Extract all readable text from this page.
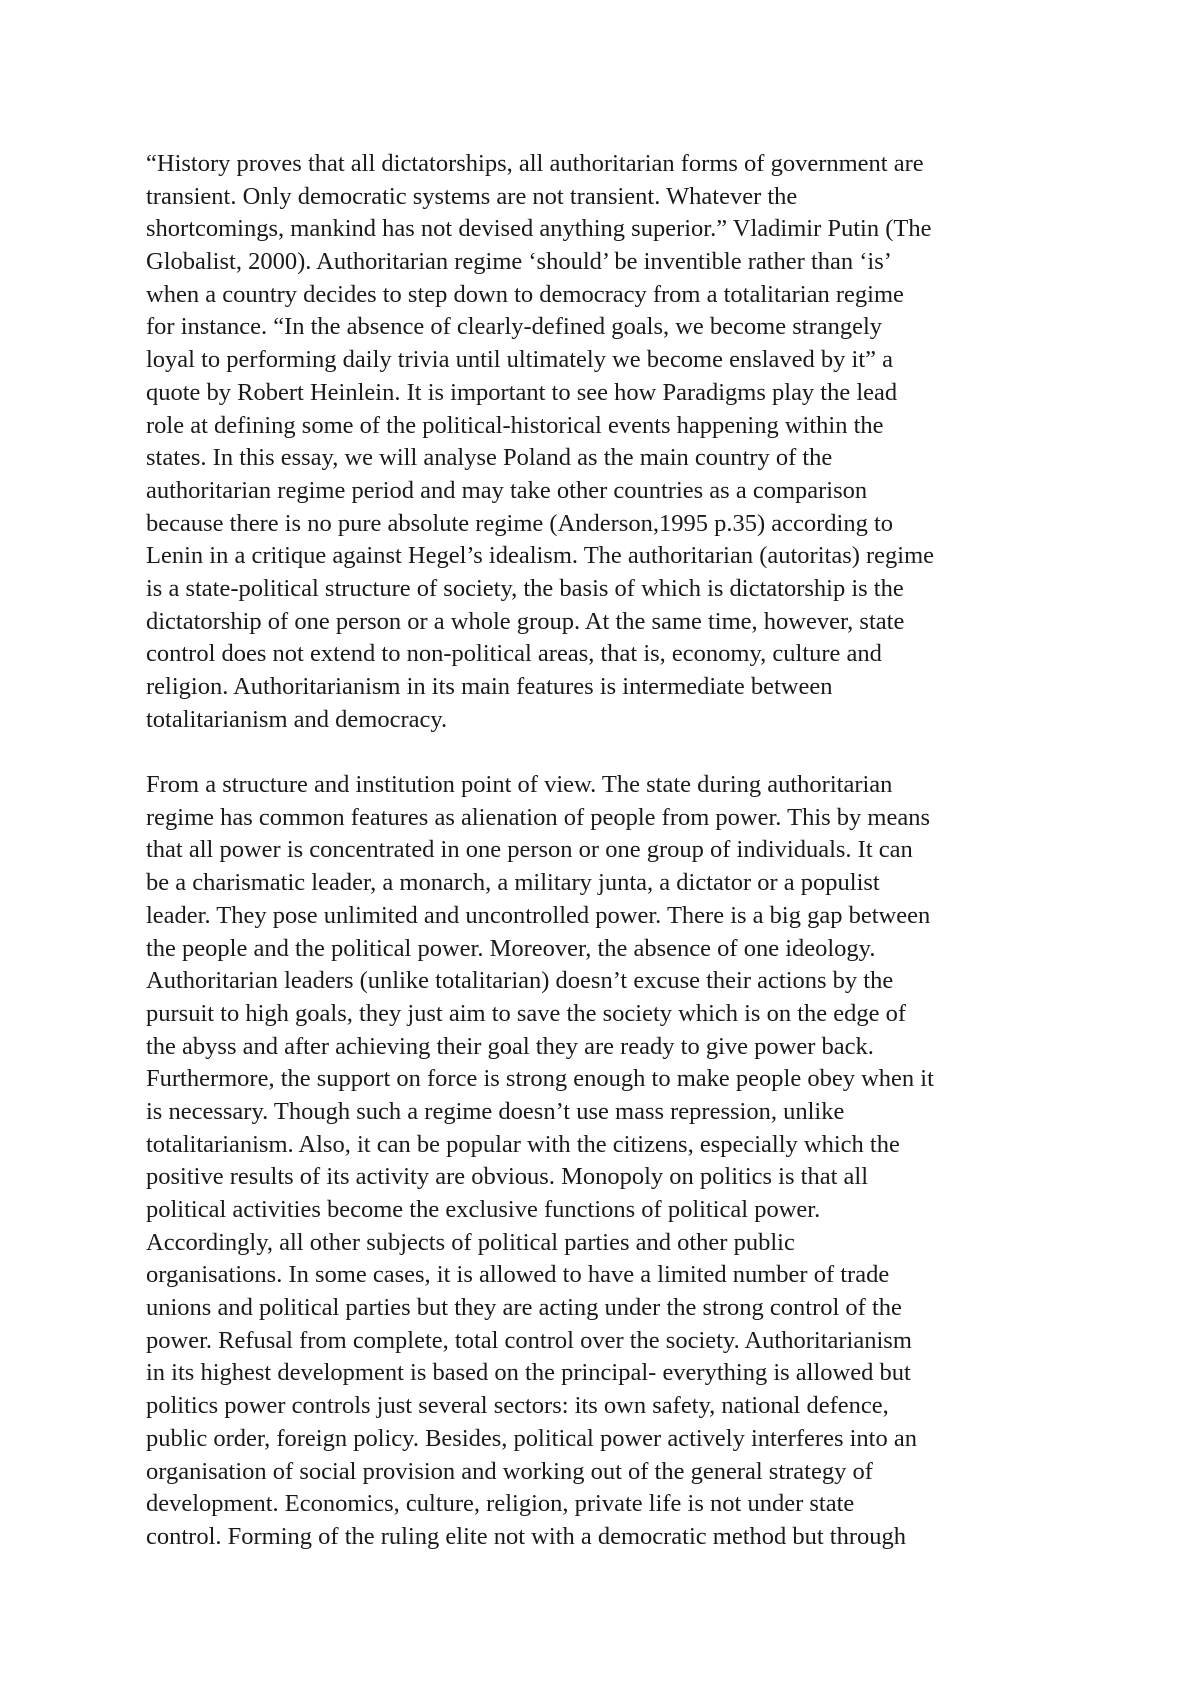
“History proves that all dictatorships, all authoritarian forms of government are
transient. Only democratic systems are not transient. Whatever the
shortcomings, mankind has not devised anything superior.” Vladimir Putin (The
Globalist, 2000). Authoritarian regime ‘should’ be inventible rather than ‘is’
when a country decides to step down to democracy from a totalitarian regime
for instance. “In the absence of clearly-defined goals, we become strangely
loyal to performing daily trivia until ultimately we become enslaved by it” a
quote by Robert Heinlein. It is important to see how Paradigms play the lead
role at defining some of the political-historical events happening within the
states. In this essay, we will analyse Poland as the main country of the
authoritarian regime period and may take other countries as a comparison
because there is no pure absolute regime (Anderson,1995 p.35) according to
Lenin in a critique against Hegel’s idealism. The authoritarian (autoritas) regime
is a state-political structure of society, the basis of which is dictatorship is the
dictatorship of one person or a whole group. At the same time, however, state
control does not extend to non-political areas, that is, economy, culture and
religion. Authoritarianism in its main features is intermediate between
totalitarianism and democracy.
From a structure and institution point of view. The state during authoritarian
regime has common features as alienation of people from power. This by means
that all power is concentrated in one person or one group of individuals. It can
be a charismatic leader, a monarch, a military junta, a dictator or a populist
leader. They pose unlimited and uncontrolled power. There is a big gap between
the people and the political power. Moreover, the absence of one ideology.
Authoritarian leaders (unlike totalitarian) doesn’t excuse their actions by the
pursuit to high goals, they just aim to save the society which is on the edge of
the abyss and after achieving their goal they are ready to give power back.
Furthermore, the support on force is strong enough to make people obey when it
is necessary. Though such a regime doesn’t use mass repression, unlike
totalitarianism. Also, it can be popular with the citizens, especially which the
positive results of its activity are obvious. Monopoly on politics is that all
political activities become the exclusive functions of political power.
Accordingly, all other subjects of political parties and other public
organisations. In some cases, it is allowed to have a limited number of trade
unions and political parties but they are acting under the strong control of the
power. Refusal from complete, total control over the society. Authoritarianism
in its highest development is based on the principal- everything is allowed but
politics power controls just several sectors: its own safety, national defence,
public order, foreign policy. Besides, political power actively interferes into an
organisation of social provision and working out of the general strategy of
development. Economics, culture, religion, private life is not under state
control. Forming of the ruling elite not with a democratic method but through
